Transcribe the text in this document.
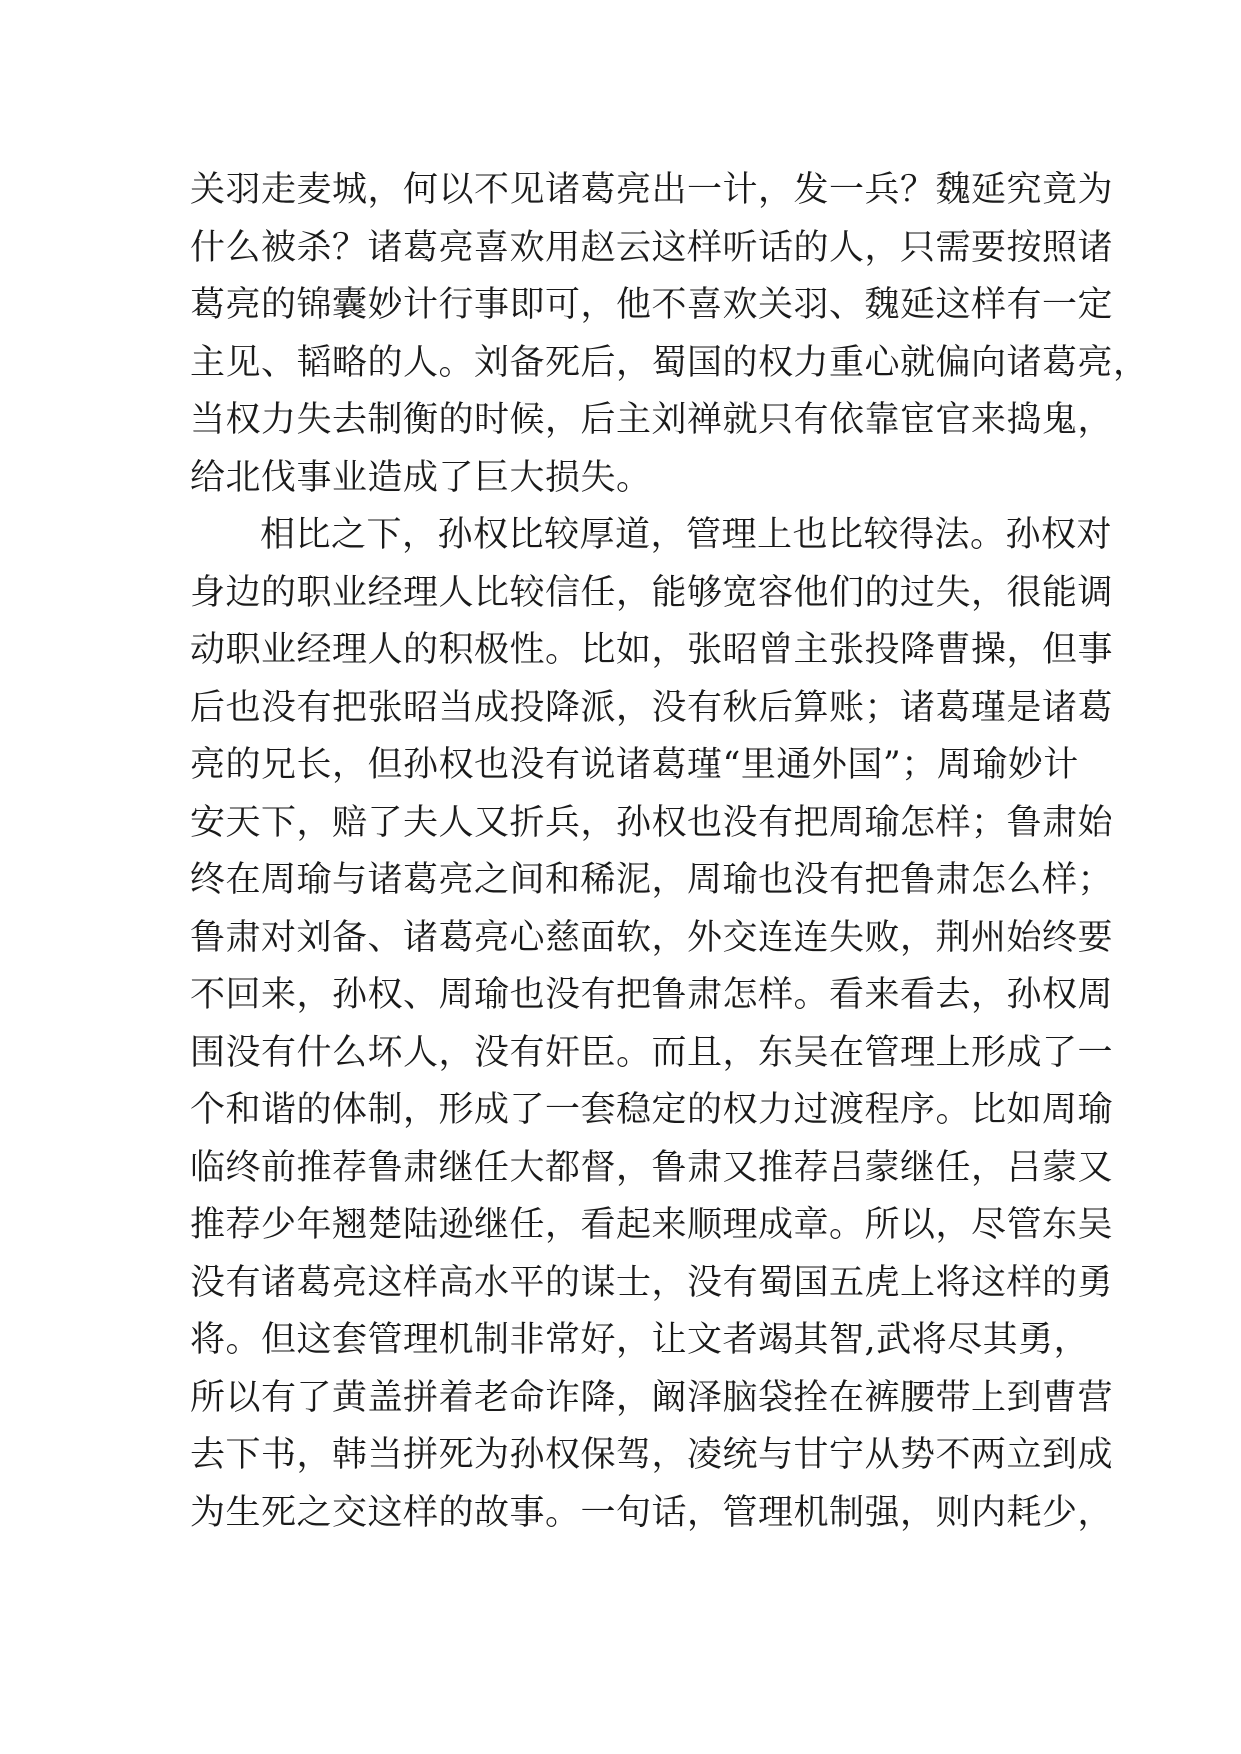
关羽走麦城，何以不见诸葛亮出一计，发一兵？魏延究竟为
什么被杀？诸葛亮喜欢用赵云这样听话的人，只需要按照诸
葛亮的锦囊妙计行事即可，他不喜欢关羽、魏延这样有一定
主见、韬略的人。刘备死后，蜀国的权力重心就偏向诸葛亮，
当权力失去制衡的时候，后主刘禅就只有依靠宦官来捣鬼，
给北伐事业造成了巨大损失。
相比之下，孙权比较厚道，管理上也比较得法。孙权对
身边的职业经理人比较信任，能够宽容他们的过失，很能调
动职业经理人的积极性。比如，张昭曾主张投降曹操，但事
后也没有把张昭当成投降派，没有秋后算账；诸葛瑾是诸葛
亮的兄长，但孙权也没有说诸葛瑾“里通外国”；周瑜妙计
安天下，赔了夫人又折兵，孙权也没有把周瑜怎样；鲁肃始
终在周瑜与诸葛亮之间和稀泥，周瑜也没有把鲁肃怎么样；
鲁肃对刘备、诸葛亮心慈面软，外交连连失败，荆州始终要
不回来，孙权、周瑜也没有把鲁肃怎样。看来看去，孙权周
围没有什么坏人，没有奸臣。而且，东吴在管理上形成了一
个和谐的体制，形成了一套稳定的权力过渡程序。比如周瑜
临终前推荐鲁肃继任大都督，鲁肃又推荐吕蒙继任，吕蒙又
推荐少年翘楚陆逊继任，看起来顺理成章。所以，尽管东吴
没有诸葛亮这样高水平的谋士，没有蜀国五虎上将这样的勇
将。但这套管理机制非常好，让文者竭其智,武将尽其勇，
所以有了黄盖拼着老命诈降，阚泽脑袋拴在裤腰带上到曹营
去下书，韩当拼死为孙权保驾，凌统与甘宁从势不两立到成
为生死之交这样的故事。一句话，管理机制强，则内耗少，
